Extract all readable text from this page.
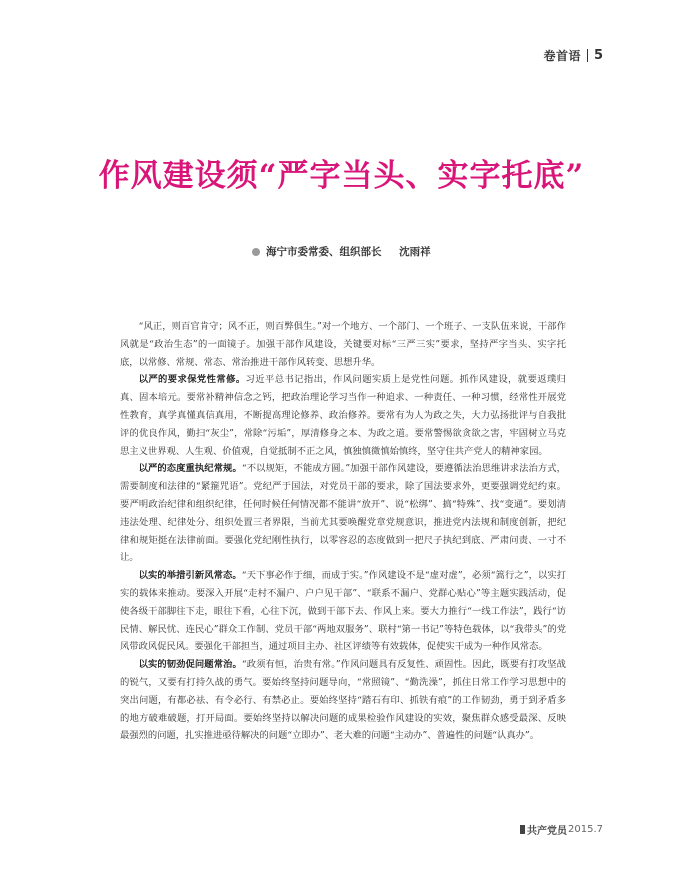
卷首语 5
作风建设须“严字当头、实字托底”
海宁市委常委、组织部长 沈雨祥

“风正，则百官肯守；风不正，则百弊俱生。”对一个地方、一个部门、一个班子、一支队伍来说，干部作风就是“政治生态”的一面镜子。加强干部作风建设，关键要对标“三严三实”要求，坚持严字当头、实字托底，以常修、常规、常态、常治推进干部作风转变、思想升华。

以严的要求保党性常修。习近平总书记指出，作风问题实质上是党性问题。抓作风建设，就要返璞归真、固本培元。要常补精神信念之钙，把政治理论学习当作一种追求、一种责任、一种习惯，经常性开展党性教育，真学真懂真信真用，不断提高理论修养、政治修养。要常有为人为政之失，大力弘扬批评与自我批评的优良作风，勤扫“灰尘”，常除“污垢”，厚清修身之本、为政之道。要常警惕欲贪欲之害，牢固树立马克思主义世界观、人生观、价值观，自觉抵制不正之风，慎独慎微慎始慎终，坚守住共产党人的精神家园。

以严的态度重执纪常规。“不以规矩，不能成方圆。”加强干部作风建设，要遵循法治思维讲求法治方式，需要制度和法律的“紧箍咒语”。党纪严于国法，对党员干部的要求，除了国法要求外，更要强调党纪约束。要严明政治纪律和组织纪律，任何时候任何情况都不能讲“放开”、说“松绑”、搞“特殊”、找“变通”。要划清违法处理、纪律处分、组织处置三者界限，当前尤其要唤醒党章党规意识，推进党内法规和制度创新，把纪律和规矩挺在法律前面。要强化党纪刚性执行，以零容忍的态度做到一把尺子执纪到底、严肃问责、一寸不让。

以实的举措引新风常态。“天下事必作于细，而成于实。”作风建设不是“虚对虚”，必须“篙行之”，以实打实的载体来推动。要深入开展“走村不漏户、户户见干部”、“联系不漏户、党群心贴心”等主题实践活动，促使各级干部脚往下走，眼往下看，心往下沉，做到干部下去、作风上来。要大力推行“一线工作法”，践行“访民情、解民忧、连民心”群众工作制、党员干部“两地双服务”、联村“第一书记”等特色载体，以“我带头”的党风带政风促民风。要强化干部担当，通过项目主办、社区评绩等有效载体，促使实干成为一种作风常态。

以实的韧劲促问题常治。“政须有恒，治贵有常。”作风问题具有反复性、顽固性。因此，既要有打攻坚战的锐气，又要有打持久战的勇气。要始终坚持问题导向，“常照镜”、“勤洗澡”，抓住日常工作学习思想中的突出问题，有都必祛、有令必行、有禁必止。要始终坚持“踏石有印、抓铁有痕”的工作韧劲，勇于到矛盾多的地方破难破题，打开局面。要始终坚持以解决问题的成果检验作风建设的实效，聚焦群众感受最深、反映最强烈的问题，扎实推进亟待解决的问题“立即办”、老大难的问题“主动办”、普遍性的问题“认真办”。

共产党员 2015.7
